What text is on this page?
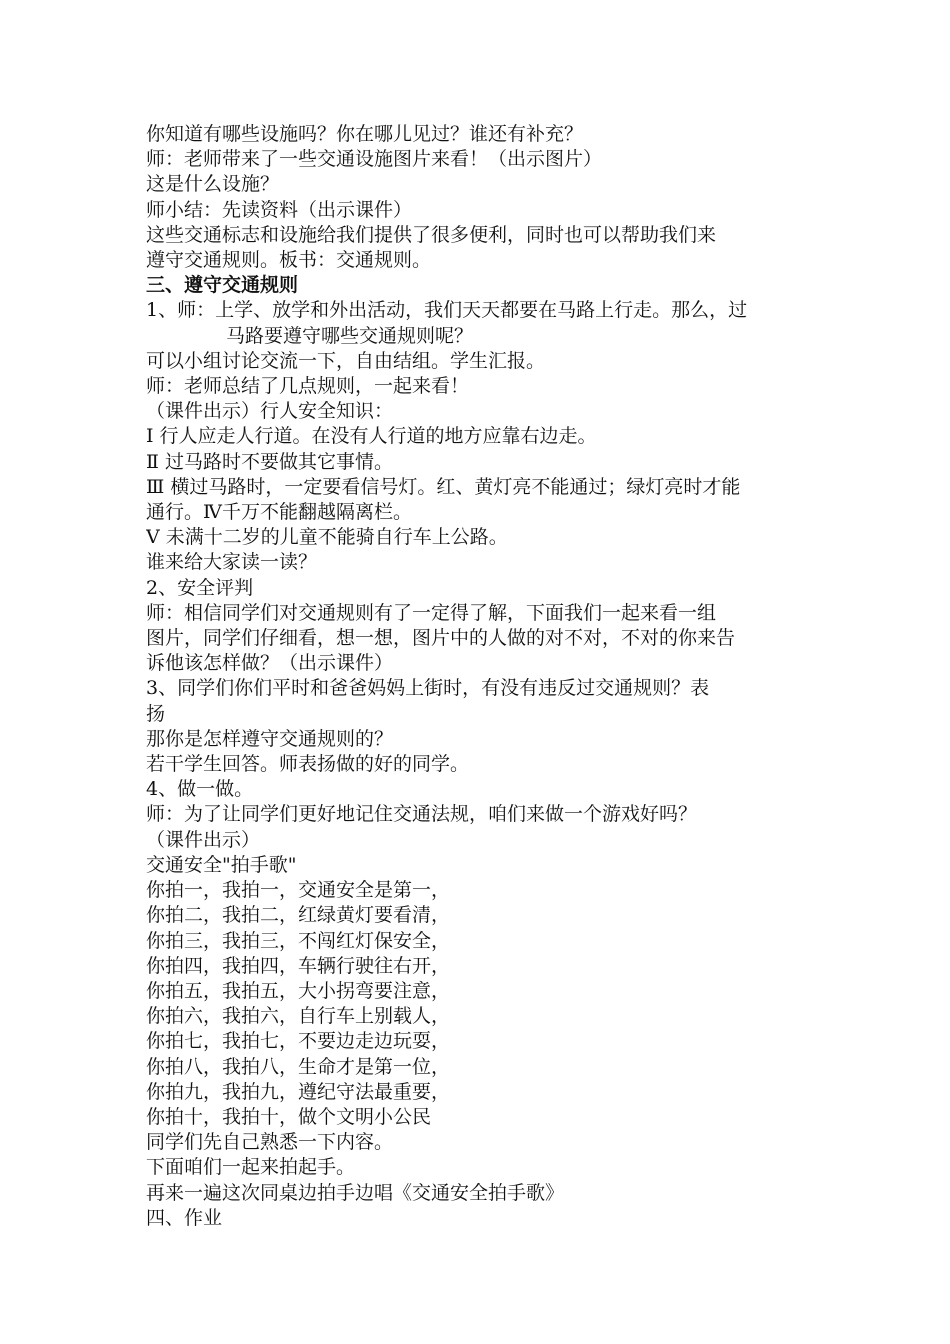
你知道有哪些设施吗？你在哪儿见过？谁还有补充？
师：老师带来了一些交通设施图片来看！（出示图片）
这是什么设施？
师小结：先读资料（出示课件）
这些交通标志和设施给我们提供了很多便利，同时也可以帮助我们来
遵守交通规则。板书：交通规则。
三、遵守交通规则
1、师：上学、放学和外出活动，我们天天都要在马路上行走。那么，过
马路要遵守哪些交通规则呢？
可以小组讨论交流一下，自由结组。学生汇报。
师：老师总结了几点规则，一起来看！
（课件出示）行人安全知识：
Ⅰ 行人应走人行道。在没有人行道的地方应靠右边走。
Ⅱ 过马路时不要做其它事情。
Ⅲ 横过马路时，一定要看信号灯。红、黄灯亮不能通过；绿灯亮时才能
通行。Ⅳ千万不能翻越隔离栏。
Ⅴ 未满十二岁的儿童不能骑自行车上公路。
谁来给大家读一读？
2、安全评判
师：相信同学们对交通规则有了一定得了解，下面我们一起来看一组
图片，同学们仔细看，想一想，图片中的人做的对不对，不对的你来告
诉他该怎样做？（出示课件）
3、同学们你们平时和爸爸妈妈上街时，有没有违反过交通规则？表
扬
那你是怎样遵守交通规则的？
若干学生回答。师表扬做的好的同学。
4、做一做。
师：为了让同学们更好地记住交通法规，咱们来做一个游戏好吗？
（课件出示）
交通安全"拍手歌"
你拍一，我拍一，交通安全是第一，
你拍二，我拍二，红绿黄灯要看清，
你拍三，我拍三，不闯红灯保安全，
你拍四，我拍四，车辆行驶往右开，
你拍五，我拍五，大小拐弯要注意，
你拍六，我拍六，自行车上别载人，
你拍七，我拍七，不要边走边玩耍，
你拍八，我拍八，生命才是第一位，
你拍九，我拍九，遵纪守法最重要，
你拍十，我拍十，做个文明小公民
同学们先自己熟悉一下内容。
下面咱们一起来拍起手。
再来一遍这次同桌边拍手边唱《交通安全拍手歌》
四、作业
